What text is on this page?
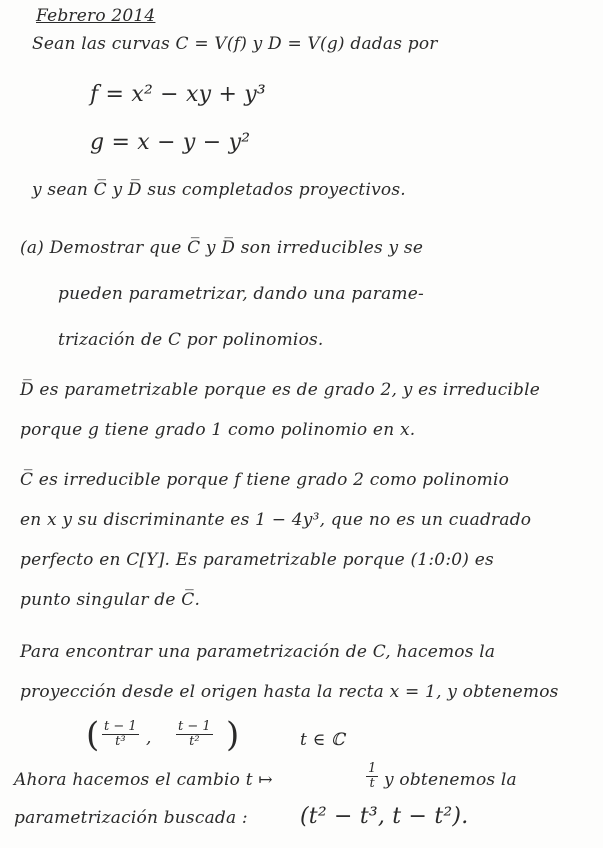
Febrero 2014
Sean las curvas C = V(f) y D = V(g) dadas por
f = x² − xy + y³
g = x − y − y²
y sean C̅ y D̅ sus completados proyectivos.
(a) Demostrar que C̅ y D̅ son irreducibles y se
pueden parametrizar, dando una parame-
trización de C por polinomios.
D̅ es parametrizable porque es de grado 2, y es irreducible
porque g tiene grado 1 como polinomio en x.
C̅ es irreducible porque f tiene grado 2 como polinomio
en x y su discriminante es 1 − 4y³, que no es un cuadrado
perfecto en C[Y]. Es parametrizable porque (1:0:0) es
punto singular de C̅.
Para encontrar una parametrización de C, hacemos la
proyección desde el origen hasta la recta x = 1, y obtenemos
( $\frac{t - 1}{\text{t³}}$ , $\frac{t - 1}{\text{t²}}$ )	t ∈ ℂ
Ahora hacemos el cambio t ↦	$\frac{1}{t}$ y obtenemos la
parametrización buscada : (t² − t³, t − t²).
